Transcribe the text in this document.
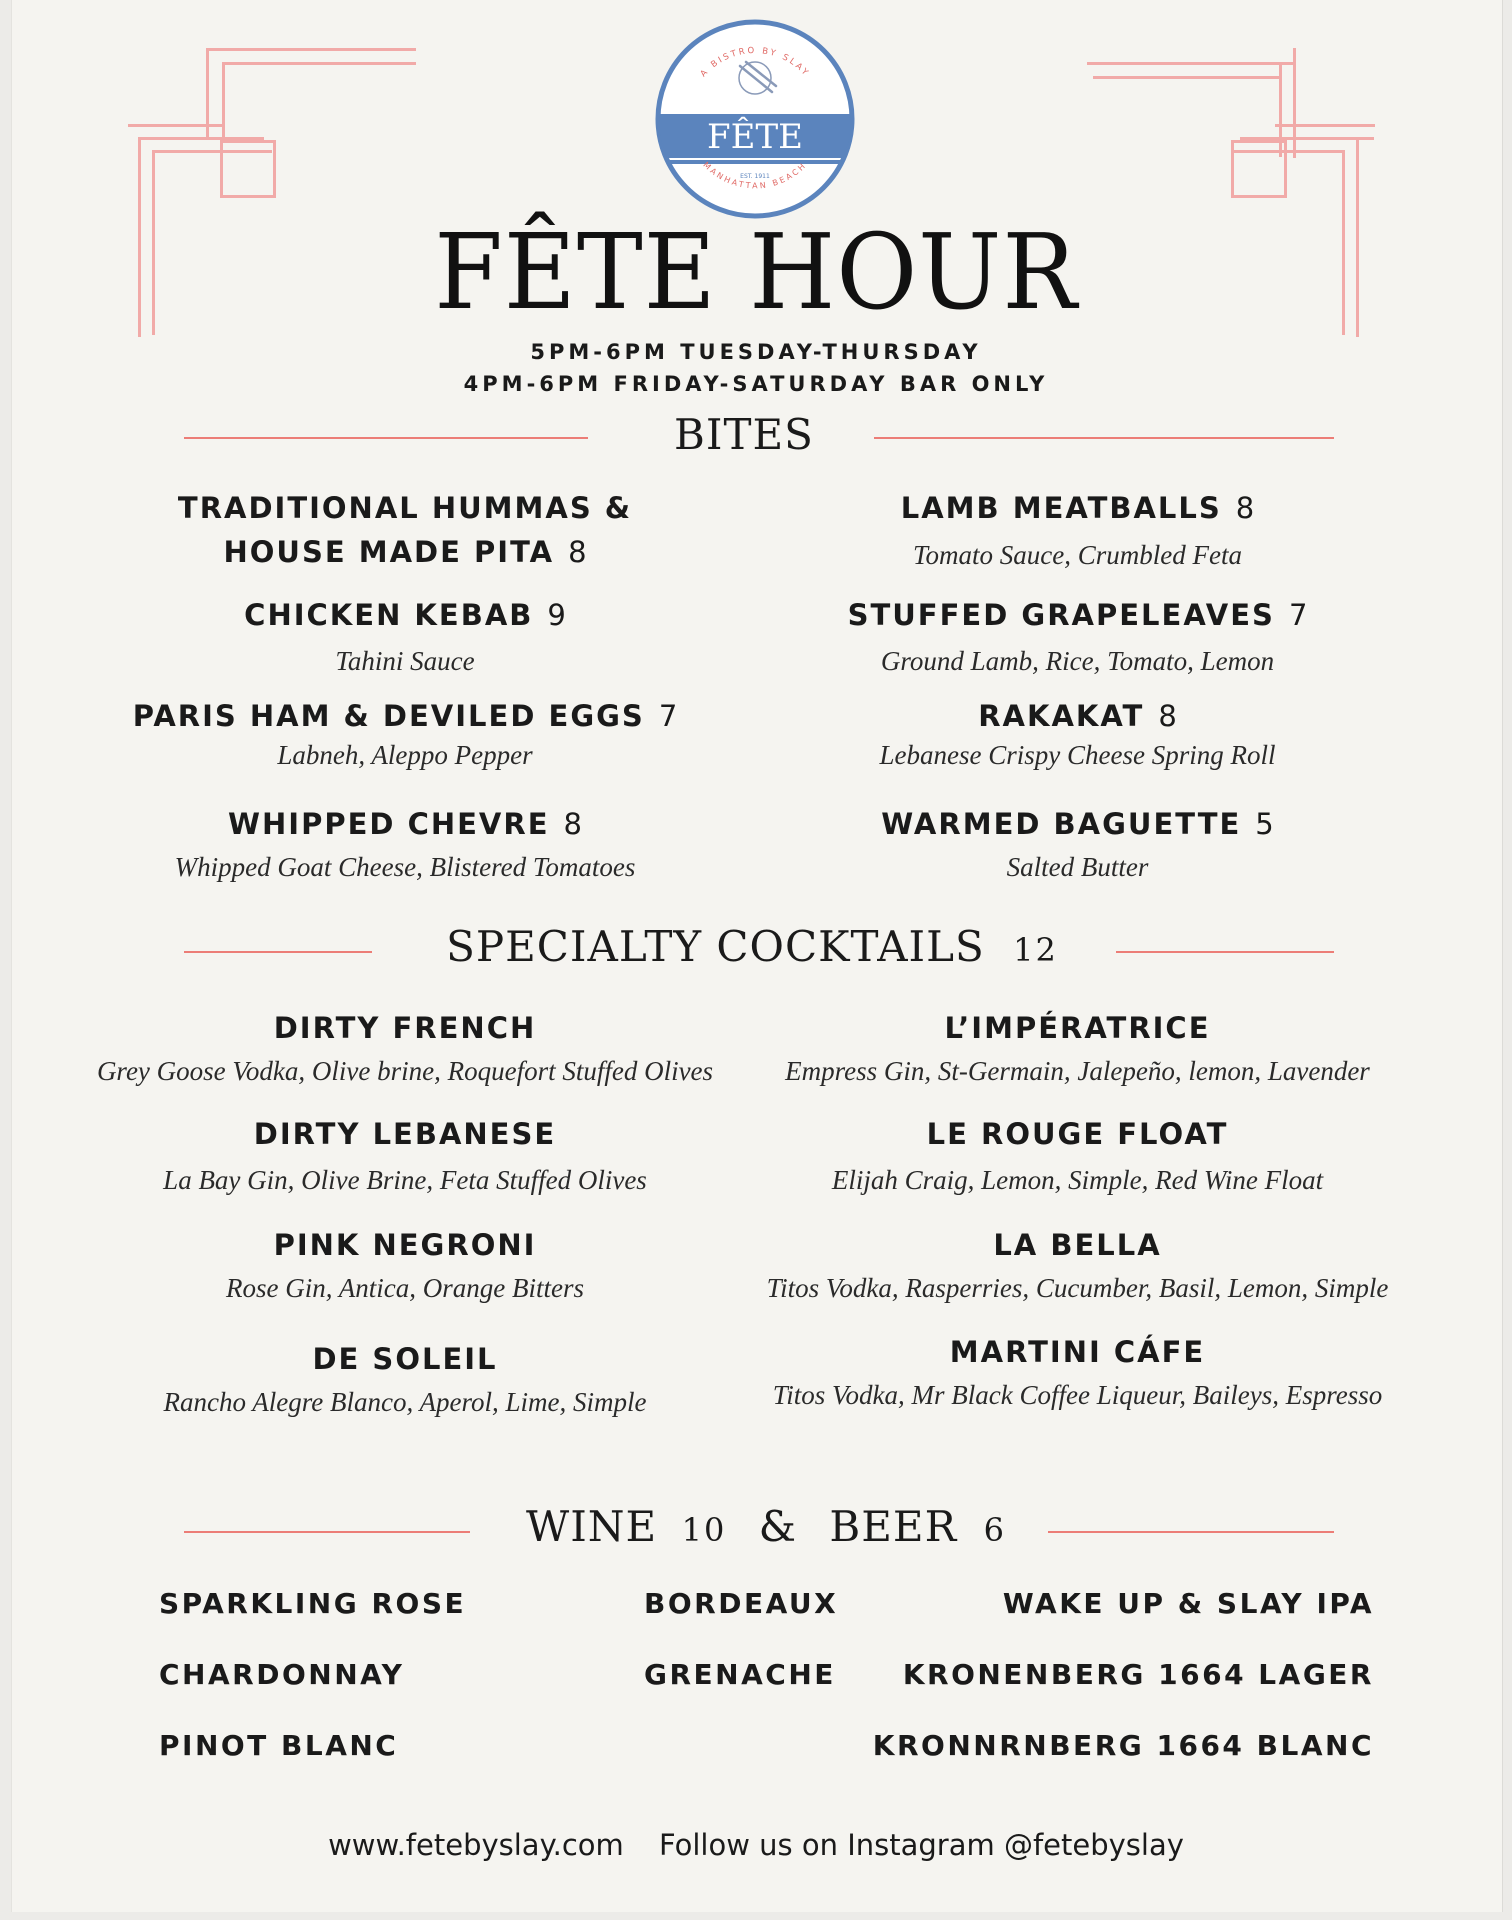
A BISTRO BY SLAY
FÊTE
EST. 1911
MANHATTAN BEACH
FÊTE HOUR
5PM-6PM TUESDAY-THURSDAY
4PM-6PM FRIDAY-SATURDAY BAR ONLY
BITES
TRADITIONAL HUMMAS &
HOUSE MADE PITA 8
CHICKEN KEBAB 9
Tahini Sauce
PARIS HAM & DEVILED EGGS 7
Labneh, Aleppo Pepper
WHIPPED CHEVRE 8
Whipped Goat Cheese, Blistered Tomatoes
LAMB MEATBALLS 8
Tomato Sauce, Crumbled Feta
STUFFED GRAPELEAVES 7
Ground Lamb, Rice, Tomato, Lemon
RAKAKAT 8
Lebanese Crispy Cheese Spring Roll
WARMED BAGUETTE 5
Salted Butter
SPECIALTY COCKTAILS 12
DIRTY FRENCH
Grey Goose Vodka, Olive brine, Roquefort Stuffed Olives
DIRTY LEBANESE
La Bay Gin, Olive Brine, Feta Stuffed Olives
PINK NEGRONI
Rose Gin, Antica, Orange Bitters
DE SOLEIL
Rancho Alegre Blanco, Aperol, Lime, Simple
L’IMPÉRATRICE
Empress Gin, St-Germain, Jalepeño, lemon, Lavender
LE ROUGE FLOAT
Elijah Craig, Lemon, Simple, Red Wine Float
LA BELLA
Titos Vodka, Rasperries, Cucumber, Basil, Lemon, Simple
MARTINI CÁFE
Titos Vodka, Mr Black Coffee Liqueur, Baileys, Espresso
WINE 10 & BEER 6
SPARKLING ROSE
CHARDONNAY
PINOT BLANC
BORDEAUX
GRENACHE
WAKE UP & SLAY IPA
KRONENBERG 1664 LAGER
KRONNRNBERG 1664 BLANC
www.fetebyslay.com Follow us on Instagram @fetebyslay
